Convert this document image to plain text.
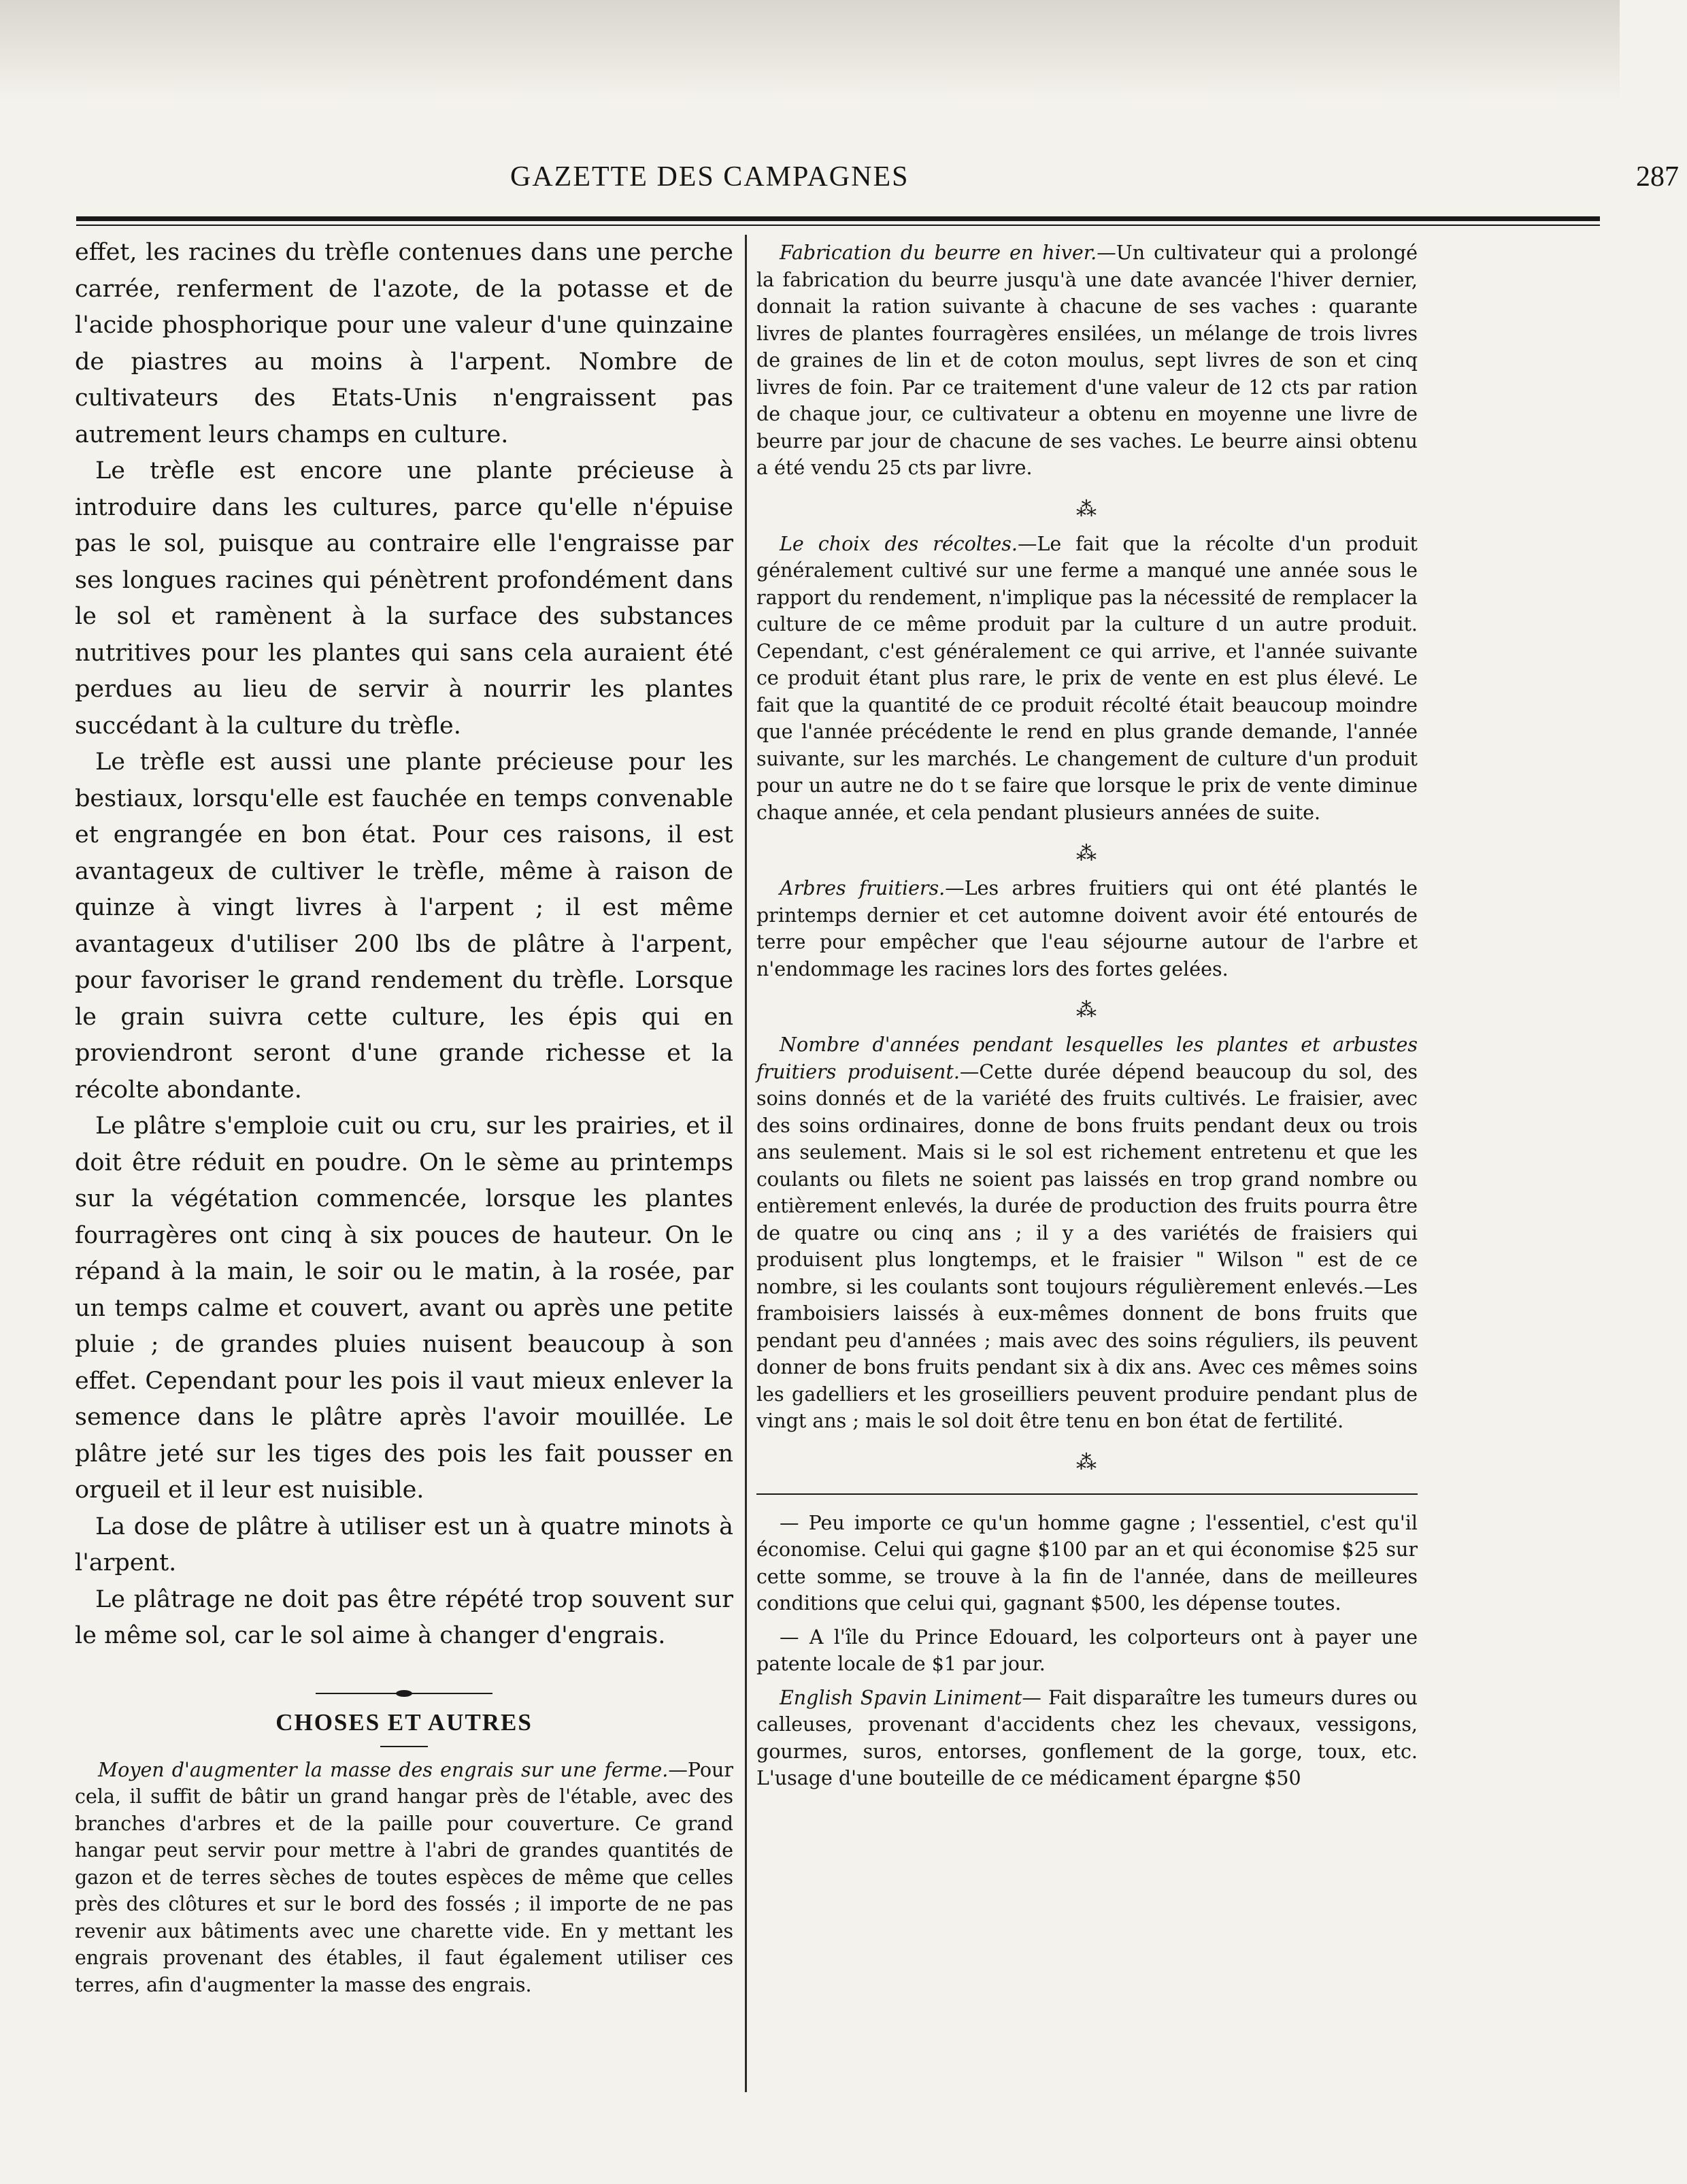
GAZETTE DES CAMPAGNES	287

effet, les racines du trèfle contenues dans une perche carrée, renferment de l'azote, de la potasse et de l'acide phosphorique pour une valeur d'une quinzaine de piastres au moins à l'arpent. Nombre de cultivateurs des Etats-Unis n'engraissent pas autrement leurs champs en culture.

Le trèfle est encore une plante précieuse à introduire dans les cultures, parce qu'elle n'épuise pas le sol, puisque au contraire elle l'engraisse par ses longues racines qui pénètrent profondément dans le sol et ramènent à la surface des substances nutritives pour les plantes qui sans cela auraient été perdues au lieu de servir à nourrir les plantes succédant à la culture du trèfle.

Le trèfle est aussi une plante précieuse pour les bestiaux, lorsqu'elle est fauchée en temps convenable et engrangée en bon état. Pour ces raisons, il est avantageux de cultiver le trèfle, même à raison de quinze à vingt livres à l'arpent ; il est même avantageux d'utiliser 200 lbs de plâtre à l'arpent, pour favoriser le grand rendement du trèfle. Lorsque le grain suivra cette culture, les épis qui en proviendront seront d'une grande richesse et la récolte abondante.

Le plâtre s'emploie cuit ou cru, sur les prairies, et il doit être réduit en poudre. On le sème au printemps sur la végétation commencée, lorsque les plantes fourragères ont cinq à six pouces de hauteur. On le répand à la main, le soir ou le matin, à la rosée, par un temps calme et couvert, avant ou après une petite pluie ; de grandes pluies nuisent beaucoup à son effet. Cependant pour les pois il vaut mieux enlever la semence dans le plâtre après l'avoir mouillée. Le plâtre jeté sur les tiges des pois les fait pousser en orgueil et il leur est nuisible.

La dose de plâtre à utiliser est un à quatre minots à l'arpent.

Le plâtrage ne doit pas être répété trop souvent sur le même sol, car le sol aime à changer d'engrais.

CHOSES ET AUTRES

Moyen d'augmenter la masse des engrais sur une ferme.—Pour cela, il suffit de bâtir un grand hangar près de l'étable, avec des branches d'arbres et de la paille pour couverture. Ce grand hangar peut servir pour mettre à l'abri de grandes quantités de gazon et de terres sèches de toutes espèces de même que celles près des clôtures et sur le bord des fossés ; il importe de ne pas revenir aux bâtiments avec une charette vide. En y mettant les engrais provenant des étables, il faut également utiliser ces terres, afin d'augmenter la masse des engrais.

Fabrication du beurre en hiver.—Un cultivateur qui a prolongé la fabrication du beurre jusqu'à une date avancée l'hiver dernier, donnait la ration suivante à chacune de ses vaches : quarante livres de plantes fourragères ensilées, un mélange de trois livres de graines de lin et de coton moulus, sept livres de son et cinq livres de foin. Par ce traitement d'une valeur de 12 cts par ration de chaque jour, ce cultivateur a obtenu en moyenne une livre de beurre par jour de chacune de ses vaches. Le beurre ainsi obtenu a été vendu 25 cts par livre.

⁂

Le choix des récoltes.—Le fait que la récolte d'un produit généralement cultivé sur une ferme a manqué une année sous le rapport du rendement, n'implique pas la nécessité de remplacer la culture de ce même produit par la culture d un autre produit. Cependant, c'est généralement ce qui arrive, et l'année suivante ce produit étant plus rare, le prix de vente en est plus élevé. Le fait que la quantité de ce produit récolté était beaucoup moindre que l'année précédente le rend en plus grande demande, l'année suivante, sur les marchés. Le changement de culture d'un produit pour un autre ne do t se faire que lorsque le prix de vente diminue chaque année, et cela pendant plusieurs années de suite.

⁂

Arbres fruitiers.—Les arbres fruitiers qui ont été plantés le printemps dernier et cet automne doivent avoir été entourés de terre pour empêcher que l'eau séjourne autour de l'arbre et n'endommage les racines lors des fortes gelées.

⁂

Nombre d'années pendant lesquelles les plantes et arbustes fruitiers produisent.—Cette durée dépend beaucoup du sol, des soins donnés et de la variété des fruits cultivés. Le fraisier, avec des soins ordinaires, donne de bons fruits pendant deux ou trois ans seulement. Mais si le sol est richement entretenu et que les coulants ou filets ne soient pas laissés en trop grand nombre ou entièrement enlevés, la durée de production des fruits pourra être de quatre ou cinq ans ; il y a des variétés de fraisiers qui produisent plus longtemps, et le fraisier " Wilson " est de ce nombre, si les coulants sont toujours régulièrement enlevés.—Les framboisiers laissés à eux-mêmes donnent de bons fruits que pendant peu d'années ; mais avec des soins réguliers, ils peuvent donner de bons fruits pendant six à dix ans. Avec ces mêmes soins les gadelliers et les groseilliers peuvent produire pendant plus de vingt ans ; mais le sol doit être tenu en bon état de fertilité.

⁂

— Peu importe ce qu'un homme gagne ; l'essentiel, c'est qu'il économise. Celui qui gagne $100 par an et qui économise $25 sur cette somme, se trouve à la fin de l'année, dans de meilleures conditions que celui qui, gagnant $500, les dépense toutes.

— A l'île du Prince Edouard, les colporteurs ont à payer une patente locale de $1 par jour.

English Spavin Liniment— Fait disparaître les tumeurs dures ou calleuses, provenant d'accidents chez les chevaux, vessigons, gourmes, suros, entorses, gonflement de la gorge, toux, etc. L'usage d'une bouteille de ce médicament épargne $50
